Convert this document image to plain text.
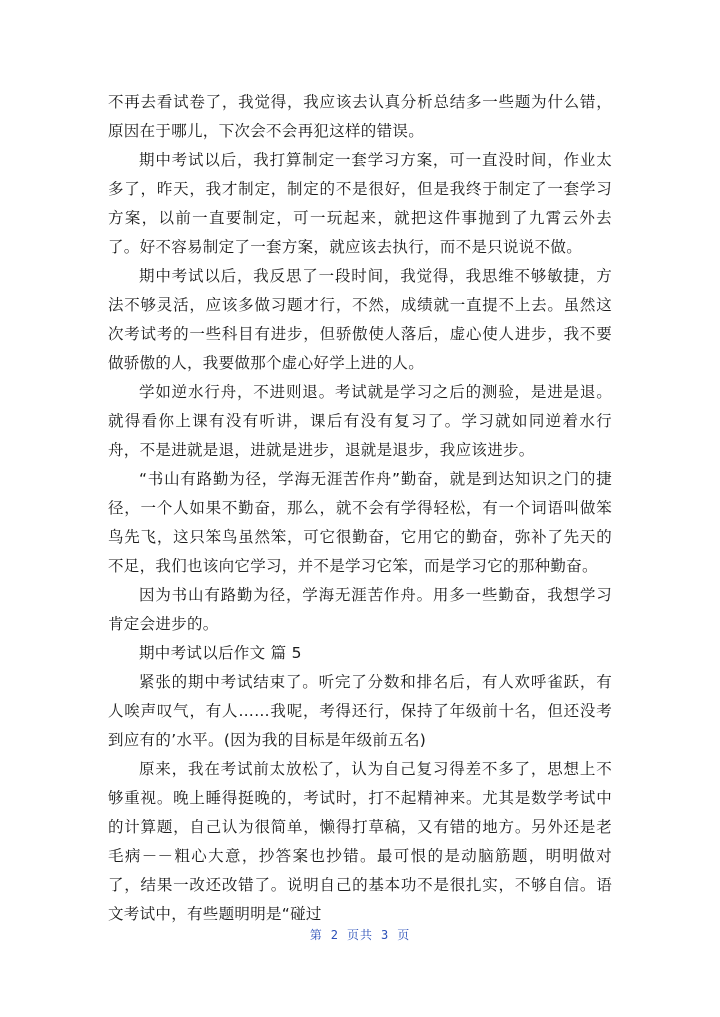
不再去看试卷了，我觉得，我应该去认真分析总结多一些题为什么错，原因在于哪儿，下次会不会再犯这样的错误。

期中考试以后，我打算制定一套学习方案，可一直没时间，作业太多了，昨天，我才制定，制定的不是很好，但是我终于制定了一套学习方案，以前一直要制定，可一玩起来，就把这件事抛到了九霄云外去了。好不容易制定了一套方案，就应该去执行，而不是只说说不做。

期中考试以后，我反思了一段时间，我觉得，我思维不够敏捷，方法不够灵活，应该多做习题才行，不然，成绩就一直提不上去。虽然这次考试考的一些科目有进步，但骄傲使人落后，虚心使人进步，我不要做骄傲的人，我要做那个虚心好学上进的人。

学如逆水行舟，不进则退。考试就是学习之后的测验，是进是退。就得看你上课有没有听讲，课后有没有复习了。学习就如同逆着水行舟，不是进就是退，进就是进步，退就是退步，我应该进步。

“书山有路勤为径，学海无涯苦作舟”勤奋，就是到达知识之门的捷径，一个人如果不勤奋，那么，就不会有学得轻松，有一个词语叫做笨鸟先飞，这只笨鸟虽然笨，可它很勤奋，它用它的勤奋，弥补了先天的不足，我们也该向它学习，并不是学习它笨，而是学习它的那种勤奋。

因为书山有路勤为径，学海无涯苦作舟。用多一些勤奋，我想学习肯定会进步的。

期中考试以后作文 篇 5

紧张的期中考试结束了。听完了分数和排名后，有人欢呼雀跃，有人唉声叹气，有人……我呢，考得还行，保持了年级前十名，但还没考到应有的’水平。(因为我的目标是年级前五名)

原来，我在考试前太放松了，认为自己复习得差不多了，思想上不够重视。晚上睡得挺晚的，考试时，打不起精神来。尤其是数学考试中的计算题，自己认为很简单，懒得打草稿，又有错的地方。另外还是老毛病－－粗心大意，抄答案也抄错。最可恨的是动脑筋题，明明做对了，结果一改还改错了。说明自己的基本功不是很扎实，不够自信。语文考试中，有些题明明是“碰过

第 2 页共 3 页
